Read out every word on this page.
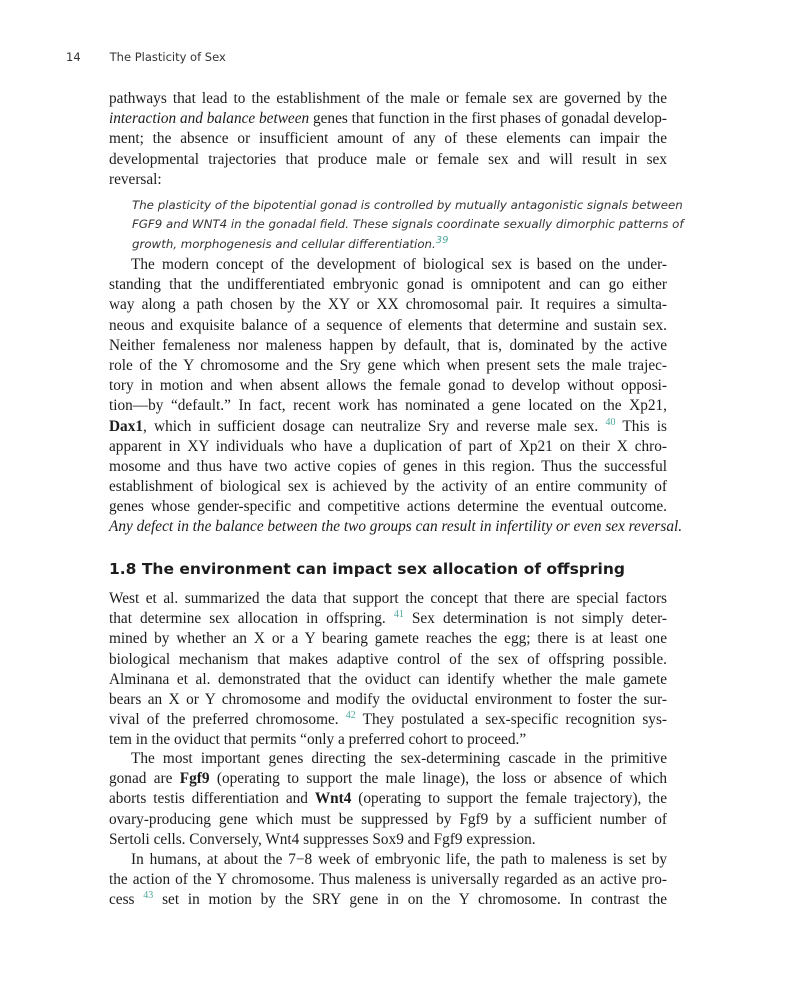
14	The Plasticity of Sex
pathways that lead to the establishment of the male or female sex are governed by the
interaction and balance between genes that function in the first phases of gonadal develop-
ment; the absence or insufficient amount of any of these elements can impair the
developmental trajectories that produce male or female sex and will result in sex
reversal:
The plasticity of the bipotential gonad is controlled by mutually antagonistic signals between
FGF9 and WNT4 in the gonadal field. These signals coordinate sexually dimorphic patterns of
growth, morphogenesis and cellular differentiation.$^{39}$
The modern concept of the development of biological sex is based on the under-
standing that the undifferentiated embryonic gonad is omnipotent and can go either
way along a path chosen by the XY or XX chromosomal pair. It requires a simulta-
neous and exquisite balance of a sequence of elements that determine and sustain sex.
Neither femaleness nor maleness happen by default, that is, dominated by the active
role of the Y chromosome and the Sry gene which when present sets the male trajec-
tory in motion and when absent allows the female gonad to develop without opposi-
tion—by “default.” In fact, recent work has nominated a gene located on the Xp21,
Dax1, which in sufficient dosage can neutralize Sry and reverse male sex. $^{40}$ This is
apparent in XY individuals who have a duplication of part of Xp21 on their X chro-
mosome and thus have two active copies of genes in this region. Thus the successful
establishment of biological sex is achieved by the activity of an entire community of
genes whose gender-specific and competitive actions determine the eventual outcome.
Any defect in the balance between the two groups can result in infertility or even sex reversal.
1.8 The environment can impact sex allocation of offspring
West et al. summarized the data that support the concept that there are special factors
that determine sex allocation in offspring. $^{41}$ Sex determination is not simply deter-
mined by whether an X or a Y bearing gamete reaches the egg; there is at least one
biological mechanism that makes adaptive control of the sex of offspring possible.
Alminana et al. demonstrated that the oviduct can identify whether the male gamete
bears an X or Y chromosome and modify the oviductal environment to foster the sur-
vival of the preferred chromosome. $^{42}$ They postulated a sex-specific recognition sys-
tem in the oviduct that permits “only a preferred cohort to proceed.”
The most important genes directing the sex-determining cascade in the primitive
gonad are Fgf9 (operating to support the male linage), the loss or absence of which
aborts testis differentiation and Wnt4 (operating to support the female trajectory), the
ovary-producing gene which must be suppressed by Fgf9 by a sufficient number of
Sertoli cells. Conversely, Wnt4 suppresses Sox9 and Fgf9 expression.
In humans, at about the 7−8 week of embryonic life, the path to maleness is set by
the action of the Y chromosome. Thus maleness is universally regarded as an active pro-
cess $^{43}$ set in motion by the SRY gene in on the Y chromosome. In contrast the
